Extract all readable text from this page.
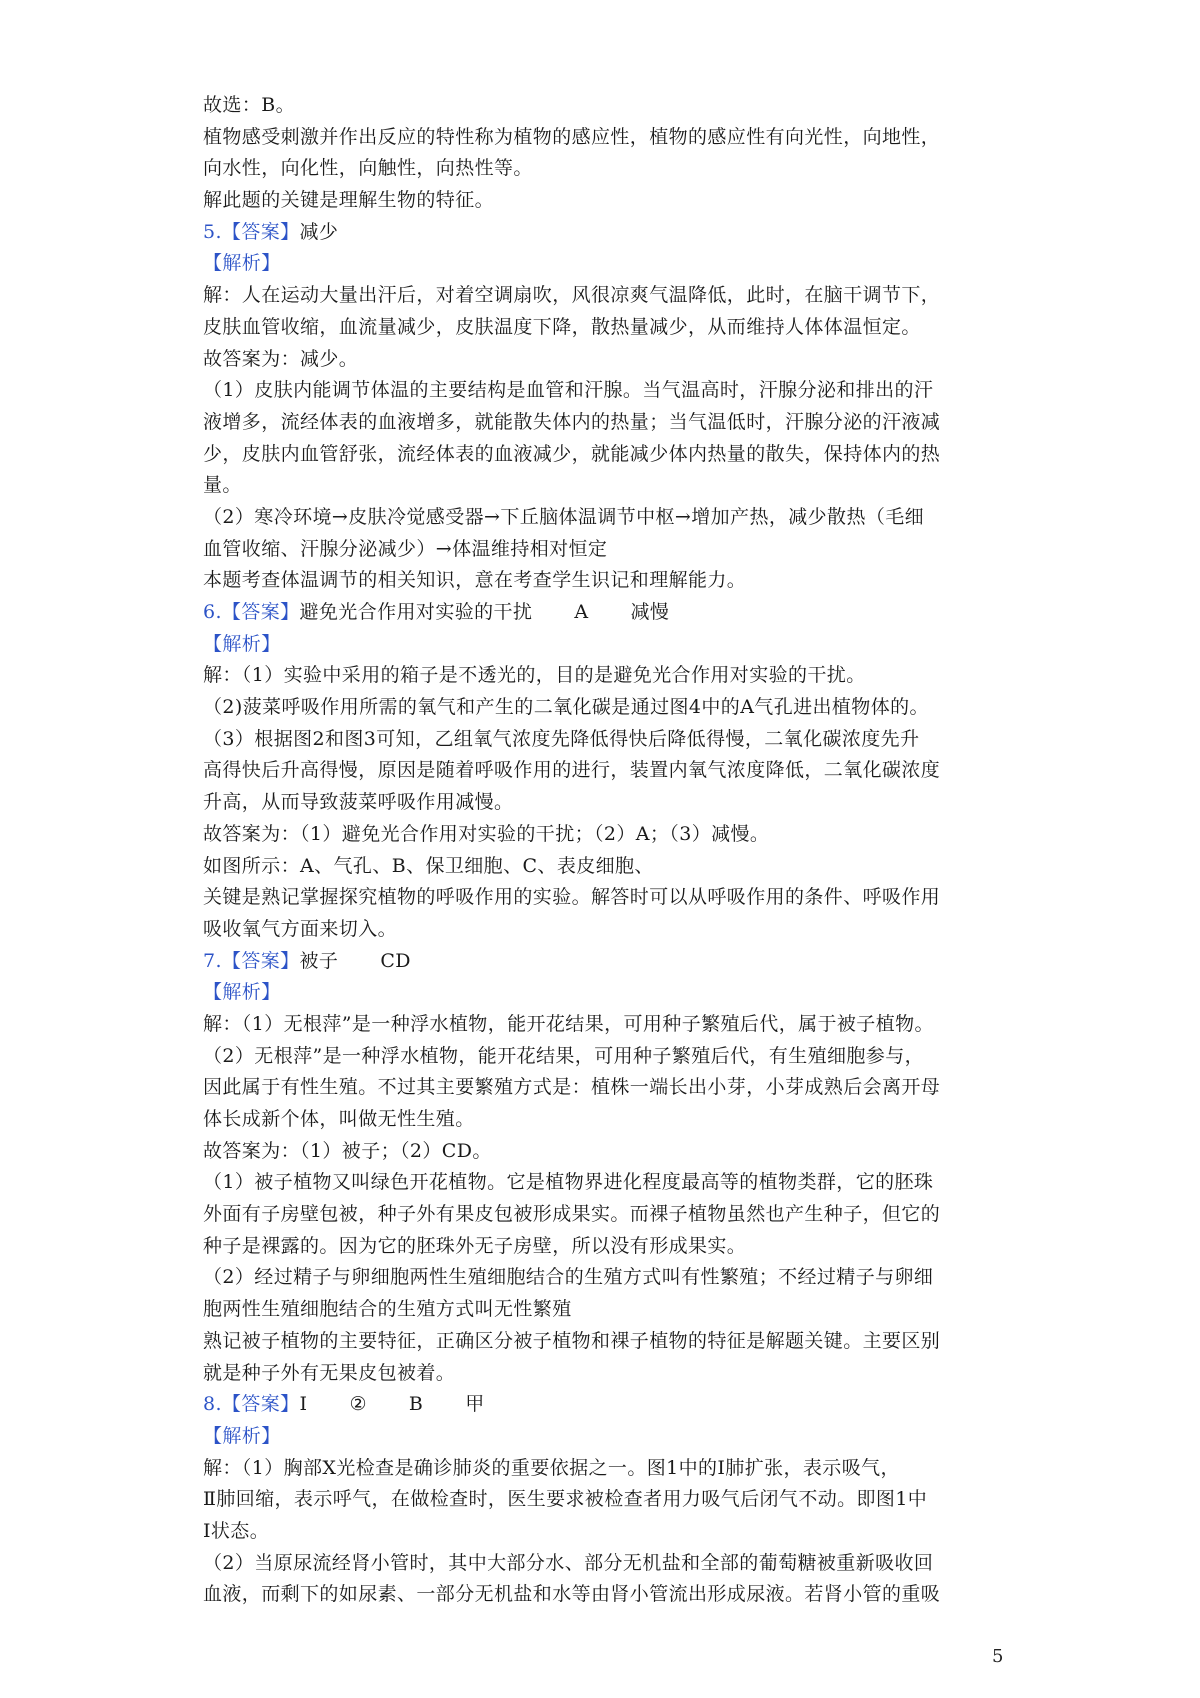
故选：B。
植物感受刺激并作出反应的特性称为植物的感应性，植物的感应性有向光性，向地性，
向水性，向化性，向触性，向热性等。
解此题的关键是理解生物的特征。
5.【答案】减少
【解析】
解：人在运动大量出汗后，对着空调扇吹，风很凉爽气温降低，此时，在脑干调节下，
皮肤血管收缩，血流量减少，皮肤温度下降，散热量减少，从而维持人体体温恒定。
故答案为：减少。
（1）皮肤内能调节体温的主要结构是血管和汗腺。当气温高时，汗腺分泌和排出的汗
液增多，流经体表的血液增多，就能散失体内的热量；当气温低时，汗腺分泌的汗液减
少，皮肤内血管舒张，流经体表的血液减少，就能减少体内热量的散失，保持体内的热
量。
（2）寒冷环境→皮肤冷觉感受器→下丘脑体温调节中枢→增加产热，减少散热（毛细
血管收缩、汗腺分泌减少）→体温维持相对恒定
本题考查体温调节的相关知识，意在考查学生识记和理解能力。
6.【答案】避免光合作用对实验的干扰 A 减慢
【解析】
解：（1）实验中采用的箱子是不透光的，目的是避免光合作用对实验的干扰。
（2)菠菜呼吸作用所需的氧气和产生的二氧化碳是通过图4中的A气孔进出植物体的。
（3）根据图2和图3可知，乙组氧气浓度先降低得快后降低得慢，二氧化碳浓度先升
高得快后升高得慢，原因是随着呼吸作用的进行，装置内氧气浓度降低，二氧化碳浓度
升高，从而导致菠菜呼吸作用减慢。
故答案为：（1）避免光合作用对实验的干扰；（2）A；（3）减慢。
如图所示：A、气孔、B、保卫细胞、C、表皮细胞、
关键是熟记掌握探究植物的呼吸作用的实验。解答时可以从呼吸作用的条件、呼吸作用
吸收氧气方面来切入。
7.【答案】被子 CD
【解析】
解：（1）无根萍”是一种浮水植物，能开花结果，可用种子繁殖后代，属于被子植物。
（2）无根萍”是一种浮水植物，能开花结果，可用种子繁殖后代，有生殖细胞参与，
因此属于有性生殖。不过其主要繁殖方式是：植株一端长出小芽，小芽成熟后会离开母
体长成新个体，叫做无性生殖。
故答案为：（1）被子；（2）CD。
（1）被子植物又叫绿色开花植物。它是植物界进化程度最高等的植物类群，它的胚珠
外面有子房壁包被，种子外有果皮包被形成果实。而裸子植物虽然也产生种子，但它的
种子是裸露的。因为它的胚珠外无子房壁，所以没有形成果实。
（2）经过精子与卵细胞两性生殖细胞结合的生殖方式叫有性繁殖；不经过精子与卵细
胞两性生殖细胞结合的生殖方式叫无性繁殖
熟记被子植物的主要特征，正确区分被子植物和裸子植物的特征是解题关键。主要区别
就是种子外有无果皮包被着。
8.【答案】I ② B 甲
【解析】
解：（1）胸部X光检查是确诊肺炎的重要依据之一。图1中的Ⅰ肺扩张，表示吸气，
Ⅱ肺回缩，表示呼气，在做检查时，医生要求被检查者用力吸气后闭气不动。即图1中
Ⅰ状态。
（2）当原尿流经肾小管时，其中大部分水、部分无机盐和全部的葡萄糖被重新吸收回
血液，而剩下的如尿素、一部分无机盐和水等由肾小管流出形成尿液。若肾小管的重吸
5
